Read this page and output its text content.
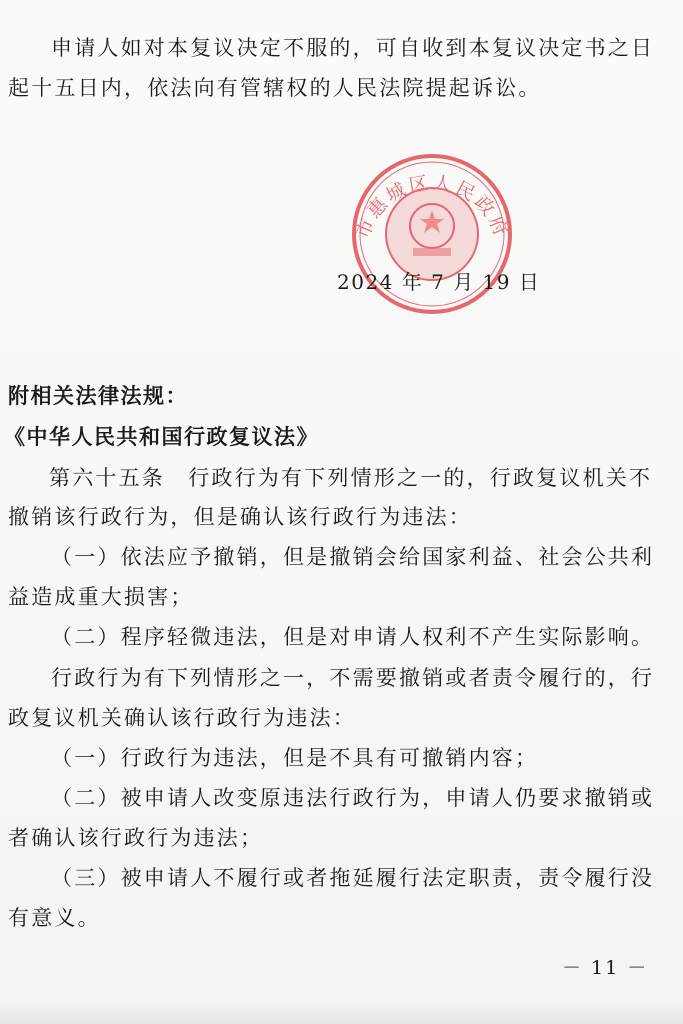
申请人如对本复议决定不服的，可自收到本复议决定书之日
起十五日内，依法向有管辖权的人民法院提起诉讼。
市惠城区人民政府
2024 年 7 月 19 日
附相关法律法规：
《中华人民共和国行政复议法》
第六十五条　行政行为有下列情形之一的，行政复议机关不
撤销该行政行为，但是确认该行政行为违法：
（一）依法应予撤销，但是撤销会给国家利益、社会公共利
益造成重大损害；
（二）程序轻微违法，但是对申请人权利不产生实际影响。
行政行为有下列情形之一，不需要撤销或者责令履行的，行
政复议机关确认该行政行为违法：
（一）行政行为违法，但是不具有可撤销内容；
（二）被申请人改变原违法行政行为，申请人仍要求撤销或
者确认该行政行为违法；
（三）被申请人不履行或者拖延履行法定职责，责令履行没
有意义。
－ 11 －
